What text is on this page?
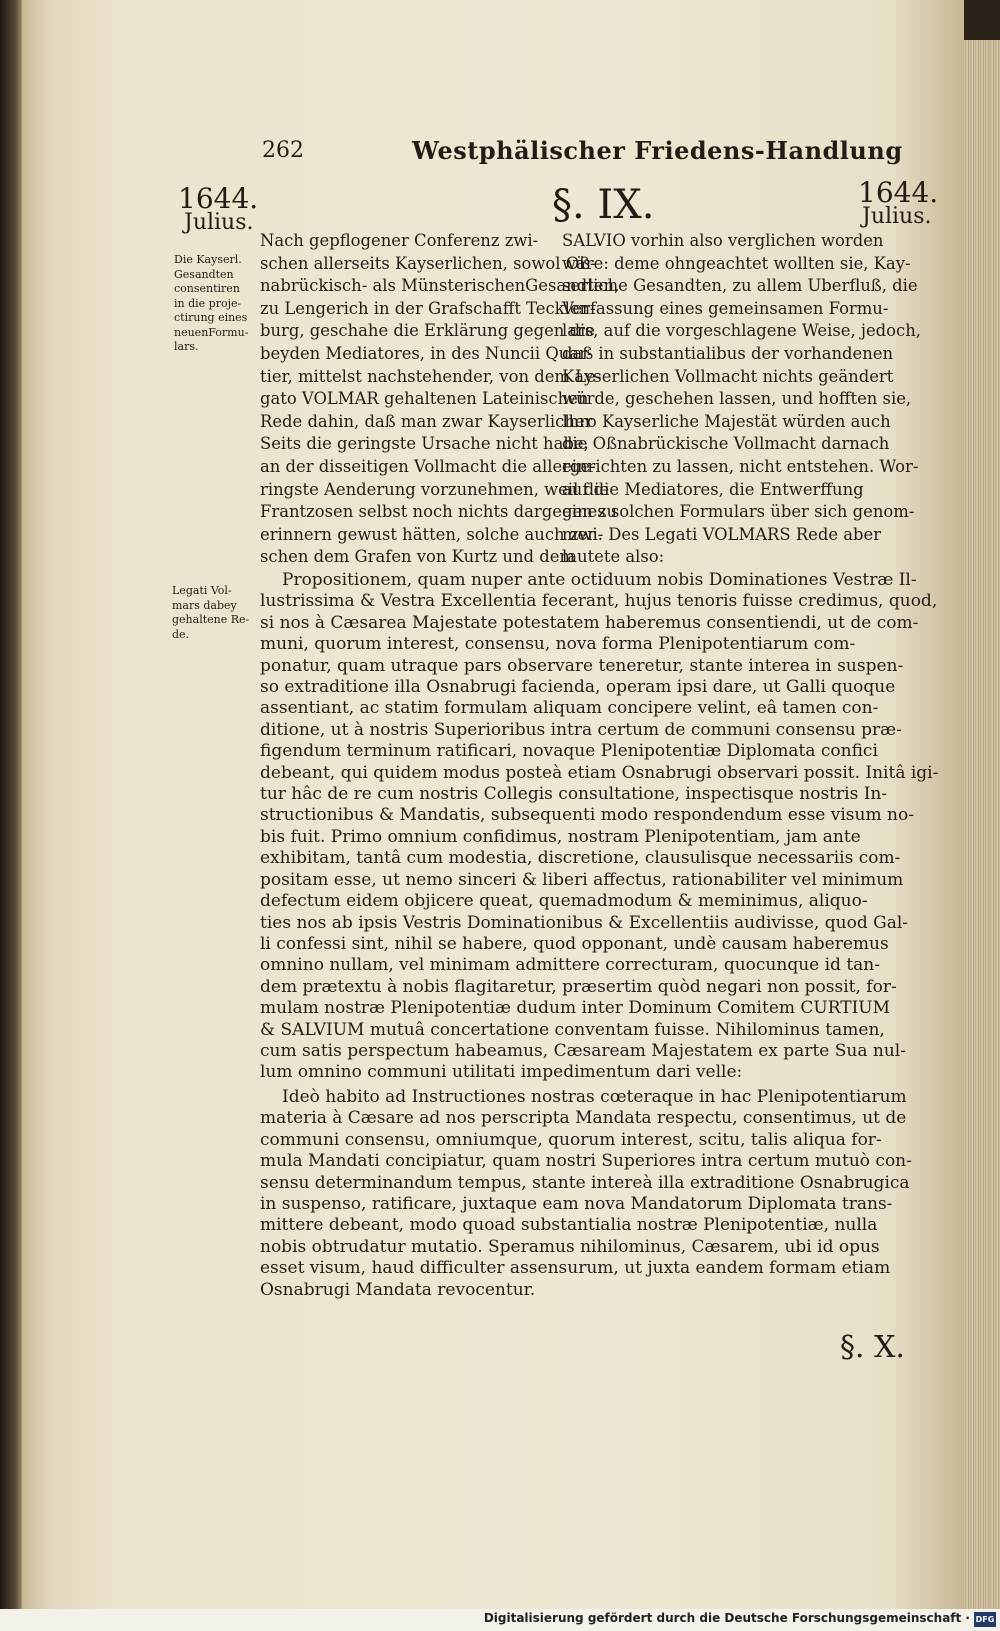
262	Westphälischer Friedens-Handlung
1644.
Julius.
1644.
Julius.
§. IX.
Die Kayserl.
Gesandten
consentiren
in die proje-
ctirung eines
neuenFormu-
lars.
Nach gepflogener Conferenz zwi-
schen allerseits Kayserlichen, sowol Oß-
nabrückisch- als MünsterischenGesandten,
zu Lengerich in der Grafschafft Tecklen-
burg, geschahe die Erklärung gegen die
beyden Mediatores, in des Nuncii Quar-
tier, mittelst nachstehender, von dem Le-
gato VOLMAR gehaltenen Lateinischen
Rede dahin, daß man zwar Kayserlicher
Seits die geringste Ursache nicht habe,
an der disseitigen Vollmacht die allerge-
ringste Aenderung vorzunehmen, weil die
Frantzosen selbst noch nichts dargegen zu
erinnern gewust hätten, solche auch zwi-
schen dem Grafen von Kurtz und dem
SALVIO vorhin also verglichen worden
wäre: deme ohngeachtet wollten sie, Kay-
serliche Gesandten, zu allem Uberfluß, die
Verfassung eines gemeinsamen Formu-
lars, auf die vorgeschlagene Weise, jedoch,
daß in substantialibus der vorhandenen
Kayserlichen Vollmacht nichts geändert
würde, geschehen lassen, und hofften sie,
Ihro Kayserliche Majestät würden auch
die Oßnabrückische Vollmacht darnach
einrichten zu lassen, nicht entstehen. Wor-
auf die Mediatores, die Entwerffung
eines solchen Formulars über sich genom-
men. Des Legati VOLMARS Rede aber
lautete also:
Legati Vol-
mars dabey
gehaltene Re-
de.
Propositionem, quam nuper ante octiduum nobis Dominationes Vestræ Il-
lustrissima & Vestra Excellentia fecerant, hujus tenoris fuisse credimus, quod,
si nos à Cæsarea Majestate potestatem haberemus consentiendi, ut de com-
muni, quorum interest, consensu, nova forma Plenipotentiarum com-
ponatur, quam utraque pars observare teneretur, stante interea in suspen-
so extraditione illa Osnabrugi facienda, operam ipsi dare, ut Galli quoque
assentiant, ac statim formulam aliquam concipere velint, eâ tamen con-
ditione, ut à nostris Superioribus intra certum de communi consensu præ-
figendum terminum ratificari, novaque Plenipotentiæ Diplomata confici
debeant, qui quidem modus posteà etiam Osnabrugi observari possit. Initâ igi-
tur hâc de re cum nostris Collegis consultatione, inspectisque nostris In-
structionibus & Mandatis, subsequenti modo respondendum esse visum no-
bis fuit. Primo omnium confidimus, nostram Plenipotentiam, jam ante
exhibitam, tantâ cum modestia, discretione, clausulisque necessariis com-
positam esse, ut nemo sinceri & liberi affectus, rationabiliter vel minimum
defectum eidem objicere queat, quemadmodum & meminimus, aliquo-
ties nos ab ipsis Vestris Dominationibus & Excellentiis audivisse, quod Gal-
li confessi sint, nihil se habere, quod opponant, undè causam haberemus
omnino nullam, vel minimam admittere correcturam, quocunque id tan-
dem prætextu à nobis flagitaretur, præsertim quòd negari non possit, for-
mulam nostræ Plenipotentiæ dudum inter Dominum Comitem CURTIUM
& SALVIUM mutuâ concertatione conventam fuisse. Nihilominus tamen,
cum satis perspectum habeamus, Cæsaream Majestatem ex parte Sua nul-
lum omnino communi utilitati impedimentum dari velle:
Ideò habito ad Instructiones nostras cœteraque in hac Plenipotentiarum
materia à Cæsare ad nos perscripta Mandata respectu, consentimus, ut de
communi consensu, omniumque, quorum interest, scitu, talis aliqua for-
mula Mandati concipiatur, quam nostri Superiores intra certum mutuò con-
sensu determinandum tempus, stante intereà illa extraditione Osnabrugica
in suspenso, ratificare, juxtaque eam nova Mandatorum Diplomata trans-
mittere debeant, modo quoad substantialia nostræ Plenipotentiæ, nulla
nobis obtrudatur mutatio. Speramus nihilominus, Cæsarem, ubi id opus
esset visum, haud difficulter assensurum, ut juxta eandem formam etiam
Osnabrugi Mandata revocentur.
§. X.
Digitalisierung gefördert durch die Deutsche Forschungsgemeinschaft · DFG
